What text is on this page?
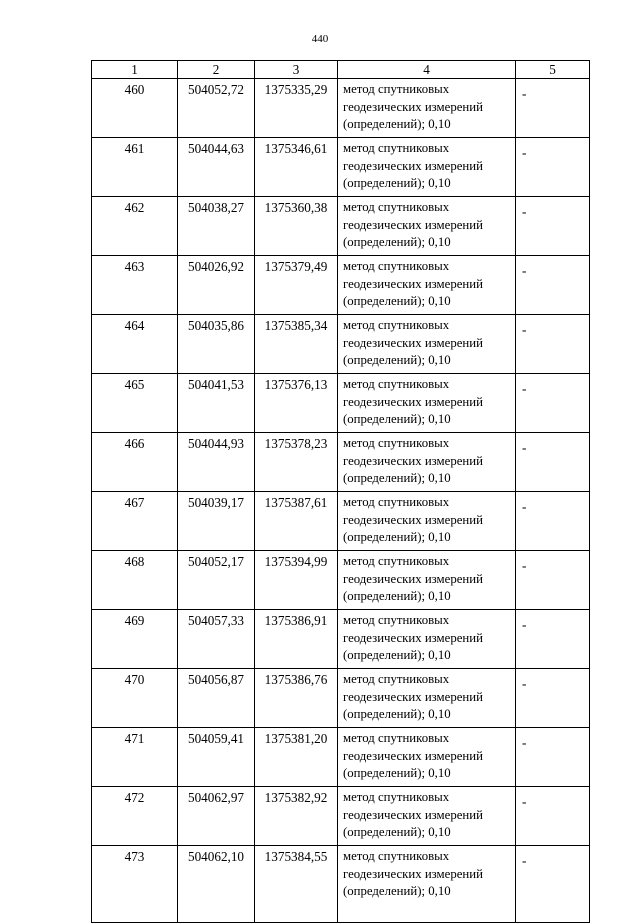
440
1	2	3	4	5
460	504052,72	1375335,29	метод спутниковых геодезических измерений (определений); 0,10	-
461	504044,63	1375346,61	метод спутниковых геодезических измерений (определений); 0,10	-
462	504038,27	1375360,38	метод спутниковых геодезических измерений (определений); 0,10	-
463	504026,92	1375379,49	метод спутниковых геодезических измерений (определений); 0,10	-
464	504035,86	1375385,34	метод спутниковых геодезических измерений (определений); 0,10	-
465	504041,53	1375376,13	метод спутниковых геодезических измерений (определений); 0,10	-
466	504044,93	1375378,23	метод спутниковых геодезических измерений (определений); 0,10	-
467	504039,17	1375387,61	метод спутниковых геодезических измерений (определений); 0,10	-
468	504052,17	1375394,99	метод спутниковых геодезических измерений (определений); 0,10	-
469	504057,33	1375386,91	метод спутниковых геодезических измерений (определений); 0,10	-
470	504056,87	1375386,76	метод спутниковых геодезических измерений (определений); 0,10	-
471	504059,41	1375381,20	метод спутниковых геодезических измерений (определений); 0,10	-
472	504062,97	1375382,92	метод спутниковых геодезических измерений (определений); 0,10	-
473	504062,10	1375384,55	метод спутниковых геодезических измерений (определений); 0,10	-
